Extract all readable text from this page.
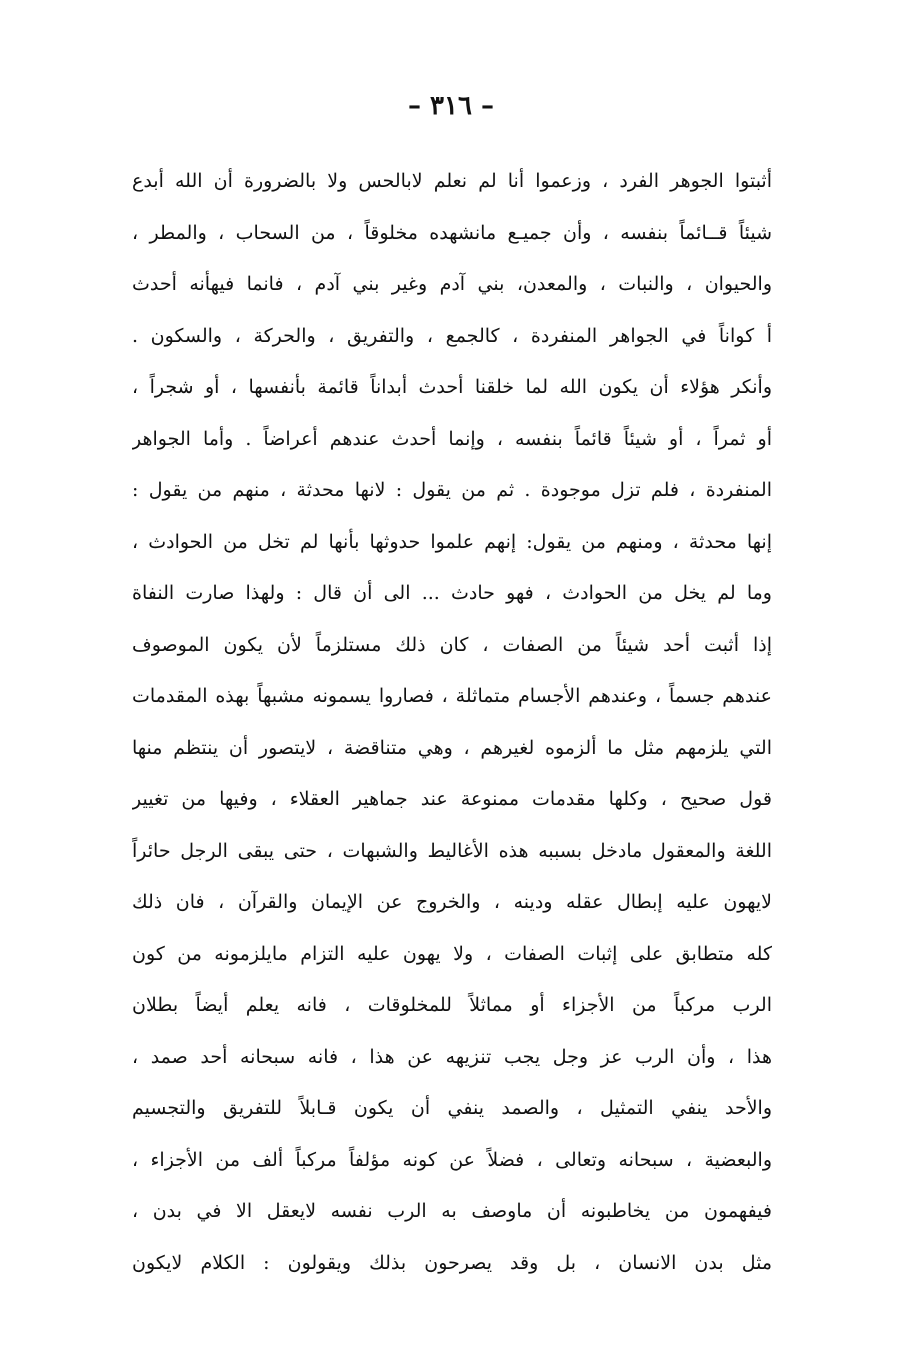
– ٣١٦ –
أثبتوا الجوهر الفرد ، وزعموا أنا لم نعلم لابالحس ولا بالضرورة أن الله أبدع
شيئاً قــائماً بنفسه ، وأن جميـع مانشهده مخلوقاً ، من السحاب ، والمطر ،
والحيوان ، والنبات ، والمعدن، بني آدم وغير بني آدم ، فانما فيهأنه أحدث
أ كواناً في الجواهر المنفردة ، كالجمع ، والتفريق ، والحركة ، والسكون .
وأنكر هؤلاء أن يكون الله لما خلقنا أحدث أبداناً قائمة بأنفسها ، أو شجراً ،
أو ثمراً ، أو شيئاً قائماً بنفسه ، وإنما أحدث عندهم أعراضاً . وأما الجواهر
المنفردة ، فلم تزل موجودة . ثم من يقول : لانها محدثة ، منهم من يقول :
إنها محدثة ، ومنهم من يقول: إنهم علموا حدوثها بأنها لم تخل من الحوادث ،
وما لم يخل من الحوادث ، فهو حادث ... الى أن قال : ولهذا صارت النفاة
إذا أثبت أحد شيئاً من الصفات ، كان ذلك مستلزماً لأن يكون الموصوف
عندهم جسماً ، وعندهم الأجسام متماثلة ، فصاروا يسمونه مشبهاً بهذه المقدمات
التي يلزمهم مثل ما ألزموه لغيرهم ، وهي متناقضة ، لايتصور أن ينتظم منها
قول صحيح ، وكلها مقدمات ممنوعة عند جماهير العقلاء ، وفيها من تغيير
اللغة والمعقول مادخل بسببه هذه الأغاليط والشبهات ، حتى يبقى الرجل حائراً
لايهون عليه إبطال عقله ودينه ، والخروج عن الإيمان والقرآن ، فان ذلك
كله متطابق على إثبات الصفات ، ولا يهون عليه التزام مايلزمونه من كون
الرب مركباً من الأجزاء أو مماثلاً للمخلوقات ، فانه يعلم أيضاً بطلان
هذا ، وأن الرب عز وجل يجب تنزيهه عن هذا ، فانه سبحانه أحد صمد ،
والأحد ينفي التمثيل ، والصمد ينفي أن يكون قـابلاً للتفريق والتجسيم
والبعضية ، سبحانه وتعالى ، فضلاً عن كونه مؤلفاً مركباً ألف من الأجزاء ،
فيفهمون من يخاطبونه أن ماوصف به الرب نفسه لايعقل الا في بدن ،
مثل بدن الانسان ، بل وقد يصرحون بذلك ويقولون : الكلام لايكون
